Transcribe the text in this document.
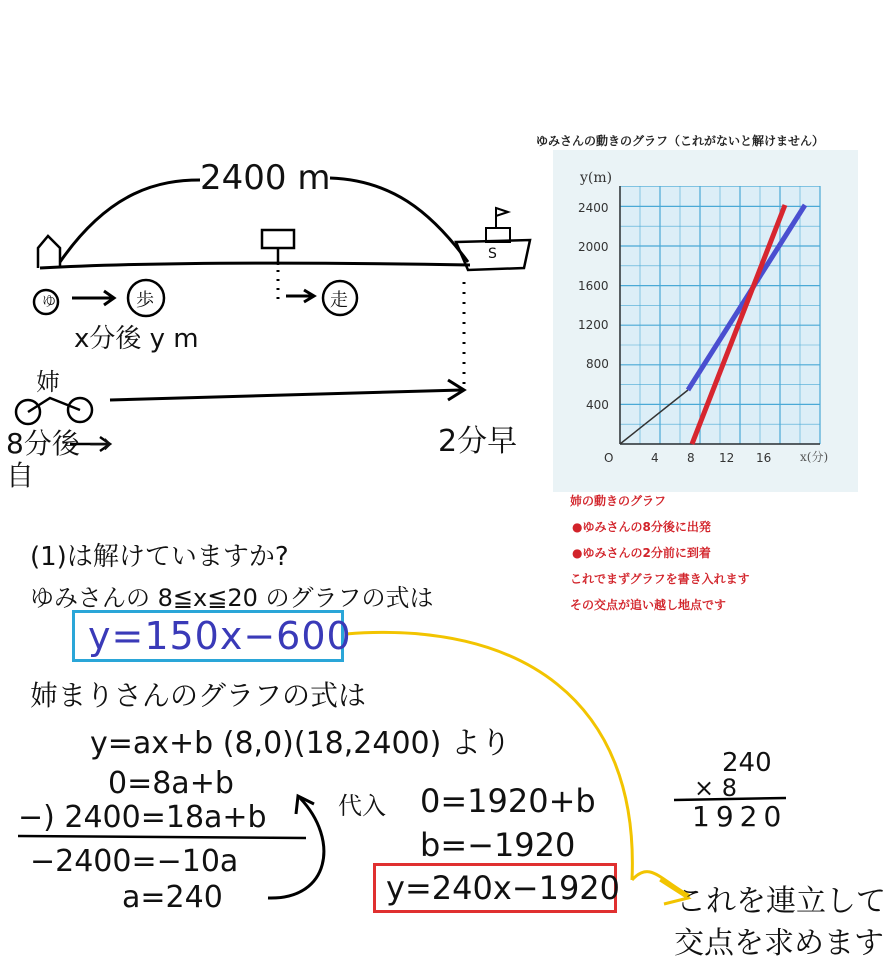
2400 m
ゆ
S
歩	走
x分後 y m
姉
8分後 → 自
2分早
ゆみさんの動きのグラフ（これがないと解けません）
y(m)
x(分)
2400
2000
1600
1200
800
400
O	4 8 12 16
姉の動きのグラフ
●ゆみさんの8分後に出発
●ゆみさんの2分前に到着
これでまずグラフを書き入れます
その交点が追い越し地点です
(1)は解けていますか?
ゆみさんの 8≦x≦20 のグラフの式は
y=150x−600
姉まりさんのグラフの式は
y=ax+b (8,0)(18,2400) より
0=8a+b
−) 2400=18a+b
−2400=−10a
a=240
代入 0=1920+b
b=−1920
y=240x−1920
240
× 8
1920
これを連立して
交点を求めます
